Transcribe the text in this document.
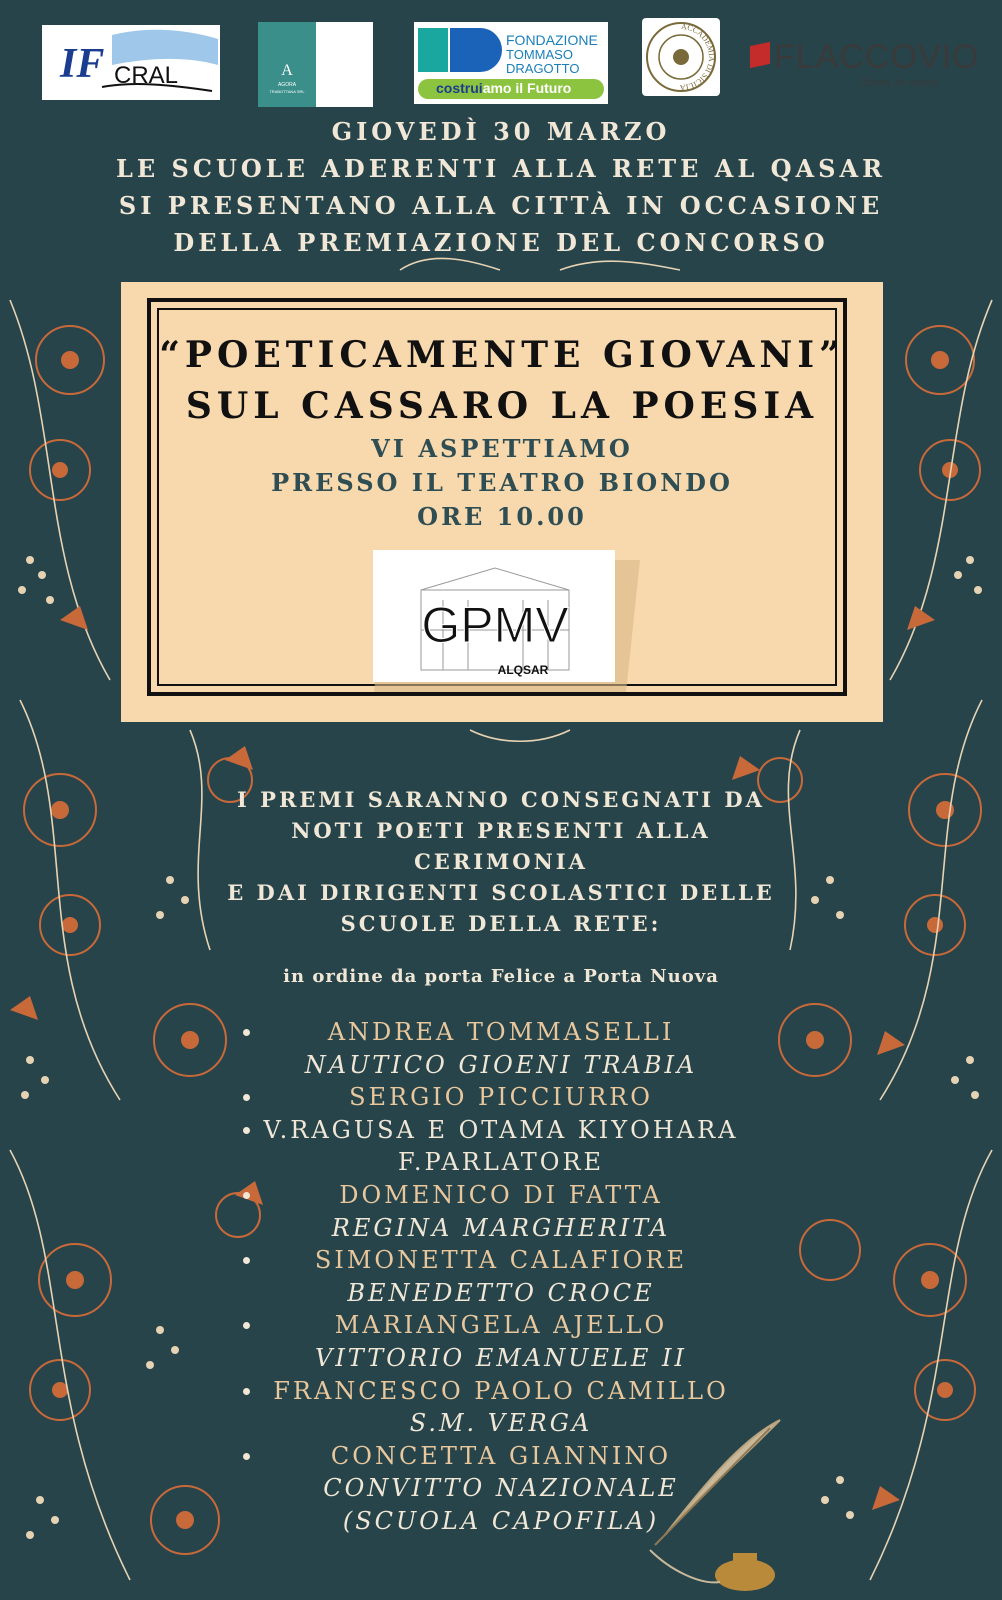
IF CRAL	A
AGORA
TRABOTTANA SRL
FONDAZIONE
TOMMASO
DRAGOTTO
costruiamo il Futuro
ACCADEMIA DI SICILIA
FLACCOVIO
libera la mente
GIOVEDÌ 30 MARZO
LE SCUOLE ADERENTI ALLA RETE AL QASAR
SI PRESENTANO ALLA CITTÀ IN OCCASIONE
DELLA PREMIAZIONE DEL CONCORSO
“POETICAMENTE GIOVANI”
SUL CASSARO LA POESIA
VI ASPETTIAMO
PRESSO IL TEATRO BIONDO
ORE 10.00
GPMV
ALQSAR
I PREMI SARANNO CONSEGNATI DA
NOTI POETI PRESENTI ALLA
CERIMONIA
E DAI DIRIGENTI SCOLASTICI DELLE
SCUOLE DELLA RETE:
in ordine da porta Felice a Porta Nuova
ANDREA TOMMASELLI
NAUTICO GIOENI TRABIA
SERGIO PICCIURRO
V.RAGUSA E OTAMA KIYOHARA
F.PARLATORE
DOMENICO DI FATTA
REGINA MARGHERITA
SIMONETTA CALAFIORE
BENEDETTO CROCE
MARIANGELA AJELLO
VITTORIO EMANUELE II
FRANCESCO PAOLO CAMILLO
S.M. VERGA
CONCETTA GIANNINO
CONVITTO NAZIONALE
(SCUOLA CAPOFILA)
